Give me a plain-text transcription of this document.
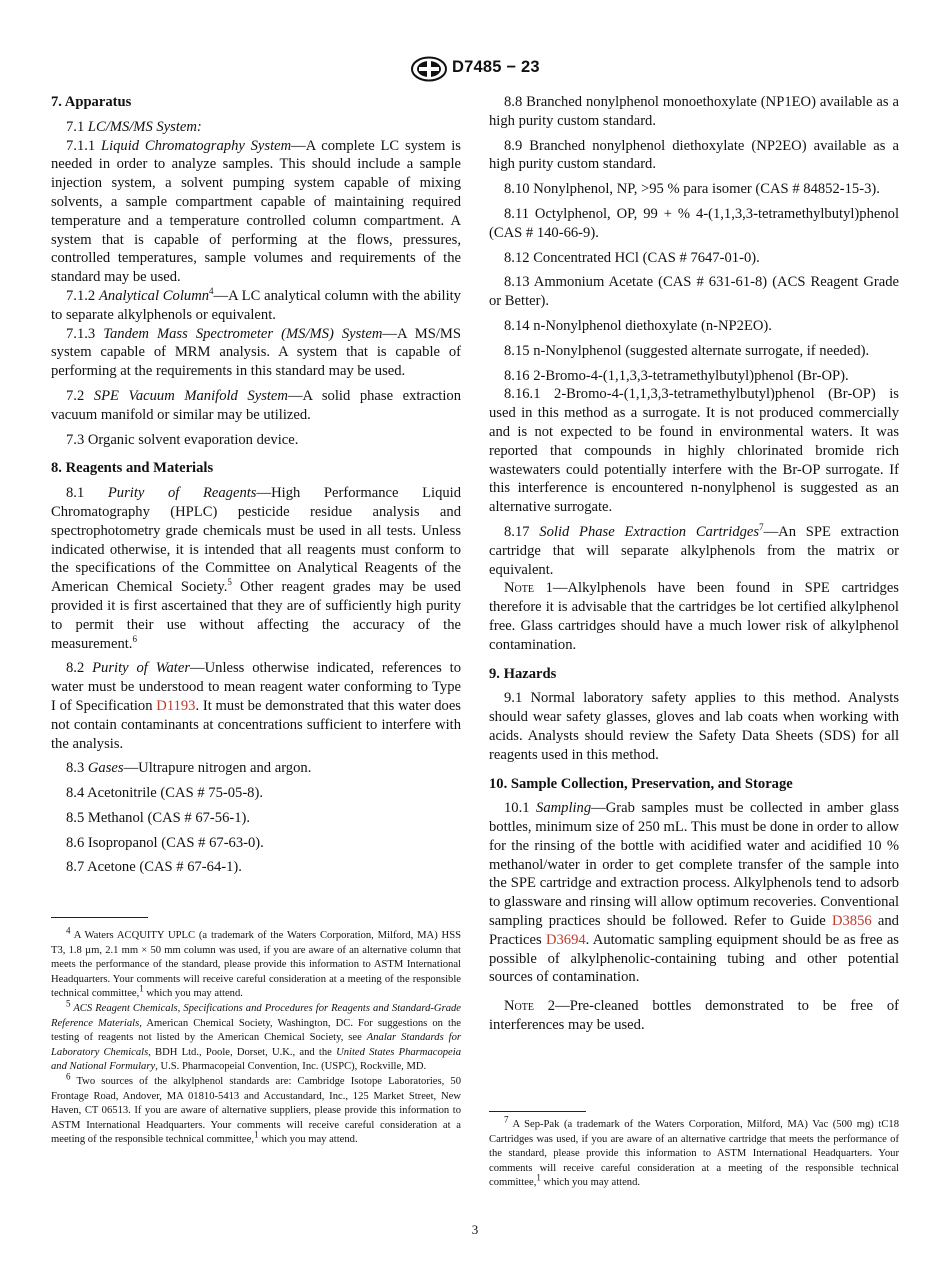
D7485 − 23
7. Apparatus

7.1 LC/MS/MS System:

7.1.1 Liquid Chromatography System—A complete LC system is needed in order to analyze samples. This should include a sample injection system, a solvent pumping system capable of mixing solvents, a sample compartment capable of maintaining required temperature and a temperature controlled column compartment. A system that is capable of performing at the flows, pressures, controlled temperatures, sample volumes and requirements of the standard may be used.

7.1.2 Analytical Column$^4$—A LC analytical column with the ability to separate alkylphenols or equivalent.

7.1.3 Tandem Mass Spectrometer (MS/MS) System—A MS/MS system capable of MRM analysis. A system that is capable of performing at the requirements in this standard may be used.

7.2 SPE Vacuum Manifold System—A solid phase extraction vacuum manifold or similar may be utilized.

7.3 Organic solvent evaporation device.

8. Reagents and Materials

8.1 Purity of Reagents—High Performance Liquid Chromatography (HPLC) pesticide residue analysis and spectrophotometry grade chemicals must be used in all tests. Unless indicated otherwise, it is intended that all reagents must conform to the specifications of the Committee on Analytical Reagents of the American Chemical Society.$^5$ Other reagent grades may be used provided it is first ascertained that they are of sufficiently high purity to permit their use without affecting the accuracy of the measurement.$^6$

8.2 Purity of Water—Unless otherwise indicated, references to water must be understood to mean reagent water conforming to Type I of Specification D1193. It must be demonstrated that this water does not contain contaminants at concentrations sufficient to interfere with the analysis.

8.3 Gases—Ultrapure nitrogen and argon.

8.4 Acetonitrile (CAS # 75-05-8).

8.5 Methanol (CAS # 67-56-1).

8.6 Isopropanol (CAS # 67-63-0).

8.7 Acetone (CAS # 67-64-1).

$^4$ A Waters ACQUITY UPLC (a trademark of the Waters Corporation, Milford, MA) HSS T3, 1.8 µm, 2.1 mm × 50 mm column was used, if you are aware of an alternative column that meets the performance of the standard, please provide this information to ASTM International Headquarters. Your comments will receive careful consideration at a meeting of the responsible technical committee,$^1$ which you may attend.

$^5$ ACS Reagent Chemicals, Specifications and Procedures for Reagents and Standard-Grade Reference Materials, American Chemical Society, Washington, DC. For suggestions on the testing of reagents not listed by the American Chemical Society, see Analar Standards for Laboratory Chemicals, BDH Ltd., Poole, Dorset, U.K., and the United States Pharmacopeia and National Formulary, U.S. Pharmacopeial Convention, Inc. (USPC), Rockville, MD.

$^6$ Two sources of the alkylphenol standards are: Cambridge Isotope Laboratories, 50 Frontage Road, Andover, MA 01810-5413 and Accustandard, Inc., 125 Market Street, New Haven, CT 06513. If you are aware of alternative suppliers, please provide this information to ASTM International Headquarters. Your comments will receive careful consideration at a meeting of the responsible technical committee,$^1$ which you may attend.

8.8 Branched nonylphenol monoethoxylate (NP1EO) available as a high purity custom standard.

8.9 Branched nonylphenol diethoxylate (NP2EO) available as a high purity custom standard.

8.10 Nonylphenol, NP, >95 % para isomer (CAS # 84852-15-3).

8.11 Octylphenol, OP, 99 + % 4-(1,1,3,3-tetramethylbutyl)phenol (CAS # 140-66-9).

8.12 Concentrated HCl (CAS # 7647-01-0).

8.13 Ammonium Acetate (CAS # 631-61-8) (ACS Reagent Grade or Better).

8.14 n-Nonylphenol diethoxylate (n-NP2EO).

8.15 n-Nonylphenol (suggested alternate surrogate, if needed).

8.16 2-Bromo-4-(1,1,3,3-tetramethylbutyl)phenol (Br-OP).

8.16.1 2-Bromo-4-(1,1,3,3-tetramethylbutyl)phenol (Br-OP) is used in this method as a surrogate. It is not produced commercially and is not expected to be found in environmental waters. It was reported that compounds in highly chlorinated bromide rich wastewaters could potentially interfere with the Br-OP surrogate. If this interference is encountered n-nonylphenol is suggested as an alternative surrogate.

8.17 Solid Phase Extraction Cartridges$^7$—An SPE extraction cartridge that will separate alkylphenols from the matrix or equivalent.

Note 1—Alkylphenols have been found in SPE cartridges therefore it is advisable that the cartridges be lot certified alkylphenol free. Glass cartridges should have a much lower risk of alkylphenol contamination.

9. Hazards

9.1 Normal laboratory safety applies to this method. Analysts should wear safety glasses, gloves and lab coats when working with acids. Analysts should review the Safety Data Sheets (SDS) for all reagents used in this method.

10. Sample Collection, Preservation, and Storage

10.1 Sampling—Grab samples must be collected in amber glass bottles, minimum size of 250 mL. This must be done in order to allow for the rinsing of the bottle with acidified water and acidified 10 % methanol/water in order to get complete transfer of the sample into the SPE cartridge and extraction process. Alkylphenols tend to adsorb to glassware and rinsing will allow optimum recoveries. Conventional sampling practices should be followed. Refer to Guide D3856 and Practices D3694. Automatic sampling equipment should be as free as possible of alkylphenolic-containing tubing and other potential sources of contamination.

Note 2—Pre-cleaned bottles demonstrated to be free of interferences may be used.

$^7$ A Sep-Pak (a trademark of the Waters Corporation, Milford, MA) Vac (500 mg) tC18 Cartridges was used, if you are aware of an alternative cartridge that meets the performance of the standard, please provide this information to ASTM International Headquarters. Your comments will receive careful consideration at a meeting of the responsible technical committee,$^1$ which you may attend.

3
